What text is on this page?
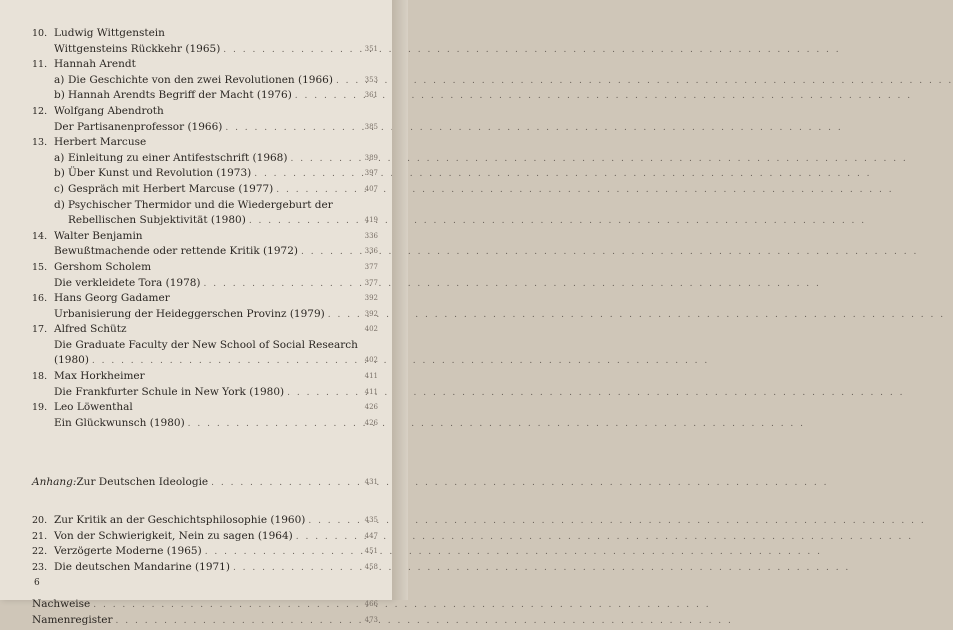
10. Ludwig Wittgenstein
Wittgensteins Rückkehr (1965) . . .	351
11. Hannah Arendt
a) Die Geschichte von den zwei Revolutionen (1966) . . .	353
b) Hannah Arendts Begriff der Macht (1976) . . .	361
12. Wolfgang Abendroth
Der Partisanenprofessor (1966) . . .	385
13. Herbert Marcuse
a) Einleitung zu einer Antifestschrift (1968) . . .	389
b) Über Kunst und Revolution (1973) . . .	397
c) Gespräch mit Herbert Marcuse (1977) . . .	407
d) Psychischer Thermidor und die Wiedergeburt der
Rebellischen Subjektivität (1980) . . .	419
14. Walter Benjamin	336
Bewußtmachende oder rettende Kritik (1972) . . .	336
15. Gershom Scholem	377
Die verkleidete Tora (1978) . . .	377
16. Hans Georg Gadamer	392
Urbanisierung der Heideggerschen Provinz (1979) . . .	392
17. Alfred Schütz	402
Die Graduate Faculty der New School of Social Research
(1980) . . .	402
18. Max Horkheimer	411
Die Frankfurter Schule in New York (1980) . . .	411
19. Leo Löwenthal	426
Ein Glückwunsch (1980) . . .	426
Anhang: Zur Deutschen Ideologie . . .	431
20. Zur Kritik an der Geschichtsphilosophie (1960) . . .	435
21. Von der Schwierigkeit, Nein zu sagen (1964) . . .	447
22. Verzögerte Moderne (1965) . . .	451
23. Die deutschen Mandarine (1971) . . .	458
Nachweise . . .	466
Namenregister . . .	473
6
